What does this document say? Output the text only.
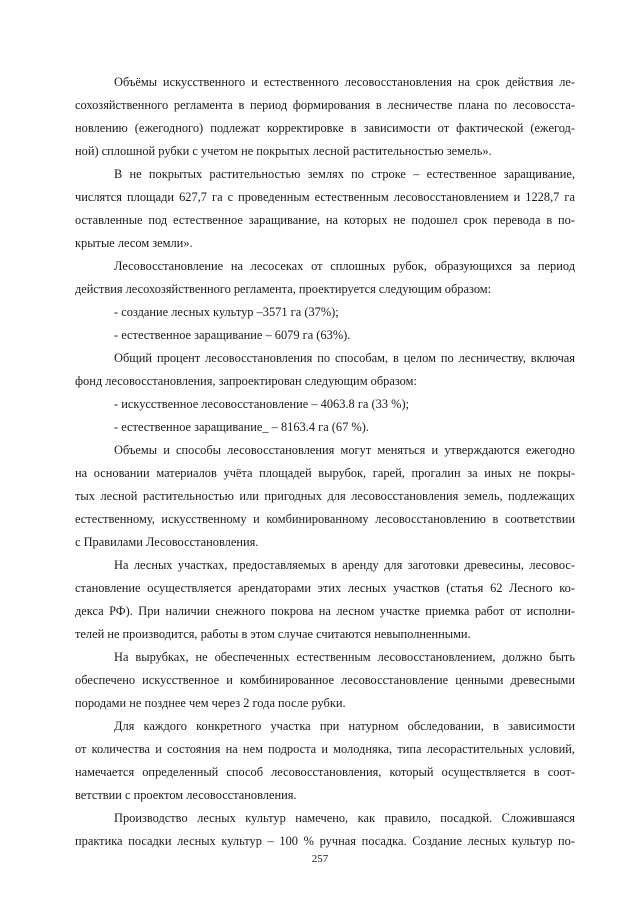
Объёмы искусственного и естественного лесовосстановления на срок действия ле-
сохозяйственного регламента в период формирования в лесничестве плана по лесовосста-
новлению (ежегодного) подлежат корректировке в зависимости от фактической (ежегод-
ной) сплошной рубки с учетом не покрытых лесной растительностью земель».
В не покрытых растительностью землях по строке – естественное заращивание,
числятся площади 627,7 га с проведенным естественным лесовосстановлением и 1228,7 га
оставленные под естественное заращивание, на которых не подошел срок перевода в по-
крытые лесом земли».
Лесовосстановление на лесосеках от сплошных рубок, образующихся за период
действия лесохозяйственного регламента, проектируется следующим образом:
- создание лесных культур –3571 га (37%);
- естественное заращивание – 6079 га (63%).
Общий процент лесовосстановления по способам, в целом по лесничеству, включая
фонд лесовосстановления, запроектирован следующим образом:
- искусственное лесовосстановление – 4063.8 га (33 %);
- естественное заращивание_ – 8163.4 га (67 %).
Объемы и способы лесовосстановления могут меняться и утверждаются ежегодно
на основании материалов учёта площадей вырубок, гарей, прогалин за иных не покры-
тых лесной растительностью или пригодных для лесовосстановления земель, подлежащих
естественному, искусственному и комбинированному лесовосстановлению в соответствии
с Правилами Лесовосстановления.
На лесных участках, предоставляемых в аренду для заготовки древесины, лесовос-
становление осуществляется арендаторами этих лесных участков (статья 62 Лесного ко-
декса РФ). При наличии снежного покрова на лесном участке приемка работ от исполни-
телей не производится, работы в этом случае считаются невыполненными.
На вырубках, не обеспеченных естественным лесовосстановлением, должно быть
обеспечено искусственное и комбинированное лесовосстановление ценными древесными
породами не позднее чем через 2 года после рубки.
Для каждого конкретного участка при натурном обследовании, в зависимости
от количества и состояния на нем подроста и молодняка, типа лесорастительных условий,
намечается определенный способ лесовосстановления, который осуществляется в соот-
ветствии с проектом лесовосстановления.
Производство лесных культур намечено, как правило, посадкой. Сложившаяся
практика посадки лесных культур – 100 % ручная посадка. Создание лесных культур по-
257
